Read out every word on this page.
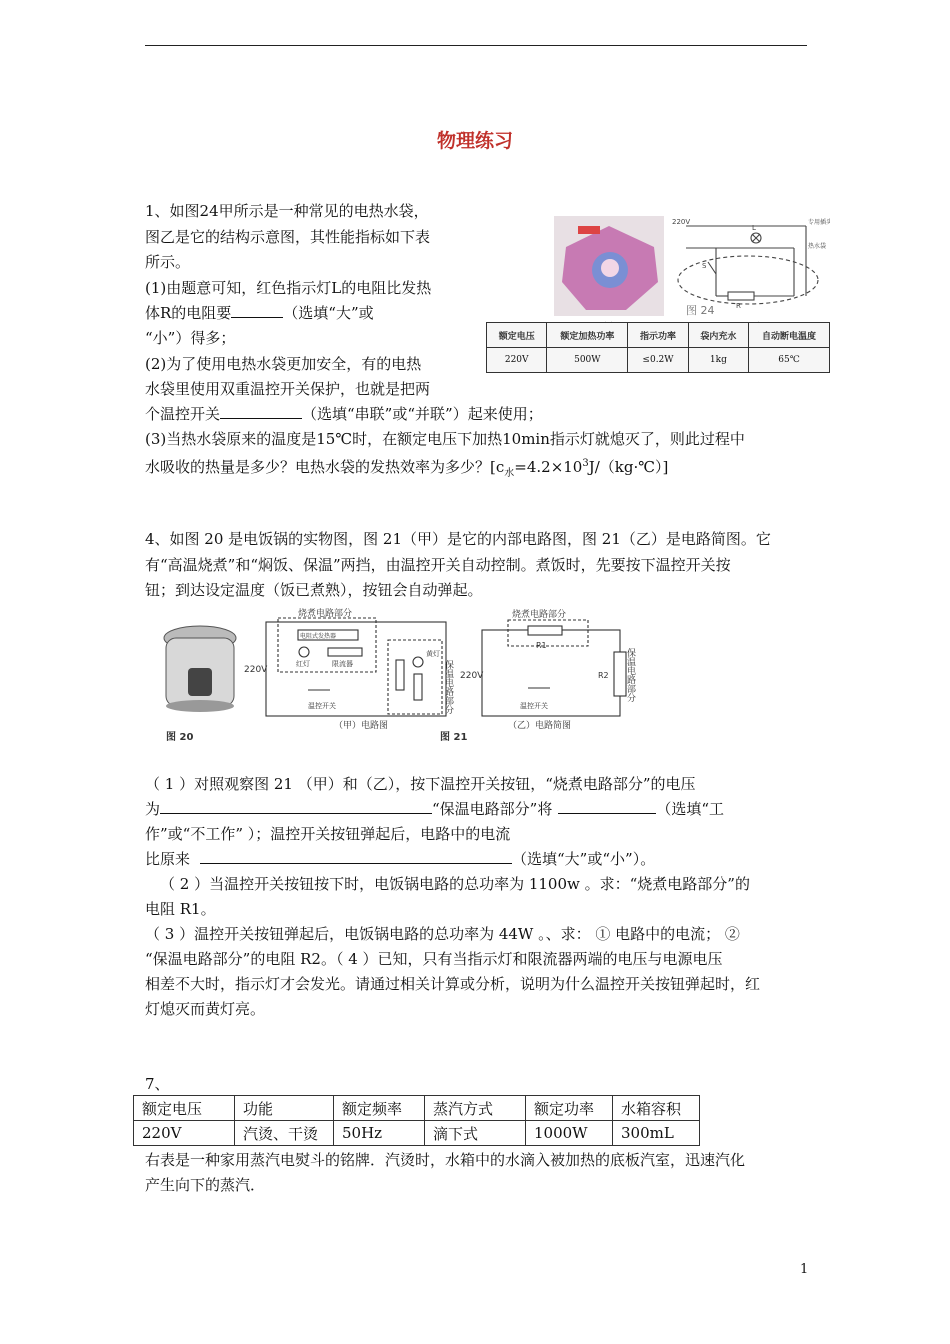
物理练习
1、如图24甲所示是一种常见的电热水袋，
图乙是它的结构示意图，其性能指标如下表
所示。
(1)由题意可知，红色指示灯L的电阻比发热
体R的电阻要	（选填“大”或
“小”）得多；
(2)为了使用电热水袋更加安全，有的电热
水袋里使用双重温控开关保护，也就是把两
个温控开关	（选填“串联”或“并联”）起来使用；
(3)当热水袋原来的温度是15℃时，在额定电压下加热10min指示灯就熄灭了，则此过程中
水吸收的热量是多少？电热水袋的发热效率为多少？$[c_水=4.2\times 10^3J/(kg\cdot℃)]$
220V	专用插头
热水袋
L
R
S
图 24
额定电压	额定加热功率	指示功率	袋内充水	自动断电温度
220V	500W	≤0.2W	1kg	65℃
4、如图 20 是电饭锅的实物图，图 21（甲）是它的内部电路图，图 21（乙）是电路简图。它
有“高温烧煮”和“焖饭、保温”两挡，由温控开关自动控制。煮饭时，先要按下温控开关按
钮；到达设定温度（饭已煮熟），按钮会自动弹起。
图 20
烧煮电路部分
电阻式发热器
红灯	限流器
黄灯
220V
温控开关
（甲）电路图
保温电路部分
烧煮电路部分
R1
R2
220V
温控开关
保温电路部分
图 21
（乙）电路简图
（ 1 ）对照观察图 21 （甲）和（乙），按下温控开关按钮，“烧煮电路部分”的电压
为	“保温电路部分”将	（选填“工
作”或“不工作” ）；温控开关按钮弹起后，电路中的电流
比原来	（选填“大”或“小”）。
（ 2 ）当温控开关按钮按下时，电饭锅电路的总功率为 1100w 。求：“烧煮电路部分”的
电阻 R1。
（ 3 ）温控开关按钮弹起后，电饭锅电路的总功率为 44W 。、求： ① 电路中的电流； ②
“保温电路部分”的电阻 R2。（ 4 ）已知，只有当指示灯和限流器两端的电压与电源电压
相差不大时，指示灯才会发光。请通过相关计算或分析，说明为什么温控开关按钮弹起时，红
灯熄灭而黄灯亮。
7、
额定电压	功能	额定频率	蒸汽方式	额定功率	水箱容积
220V	汽烫、干烫	50Hz	滴下式	1000W	300mL
右表是一种家用蒸汽电熨斗的铭牌．汽烫时，水箱中的水滴入被加热的底板汽室，迅速汽化
产生向下的蒸汽．
1
